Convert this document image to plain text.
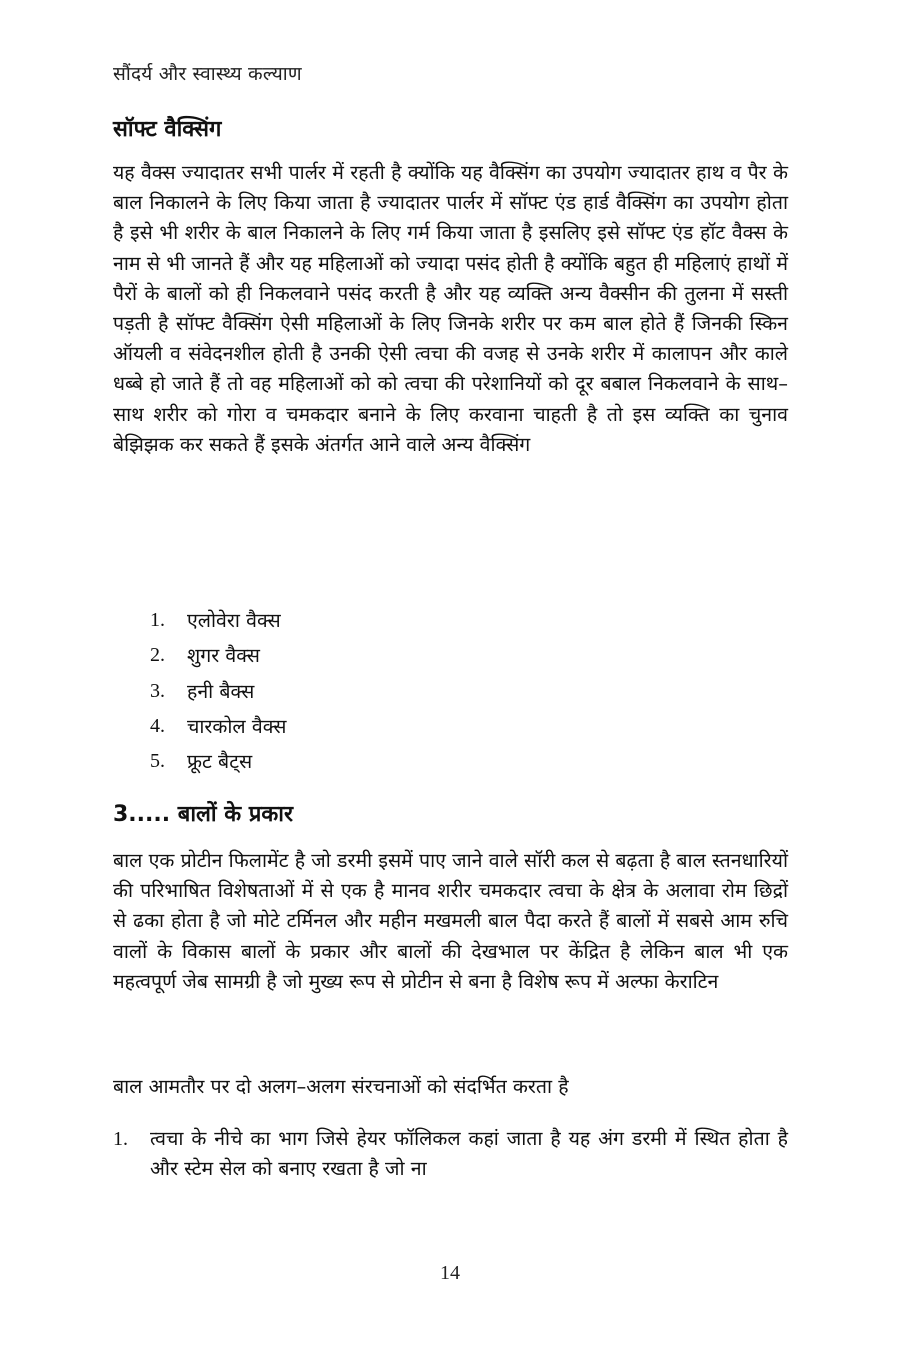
सौंदर्य और स्वास्थ्य कल्याण
सॉफ्ट वैक्सिंग

यह वैक्स ज्यादातर सभी पार्लर में रहती है क्योंकि यह वैक्सिंग का उपयोग ज्यादातर हाथ व पैर के बाल निकालने के लिए किया जाता है ज्यादातर पार्लर में सॉफ्ट एंड हार्ड वैक्सिंग का उपयोग होता है इसे भी शरीर के बाल निकालने के लिए गर्म किया जाता है इसलिए इसे सॉफ्ट एंड हॉट वैक्स के नाम से भी जानते हैं और यह महिलाओं को ज्यादा पसंद होती है क्योंकि बहुत ही महिलाएं हाथों में पैरों के बालों को ही निकलवाने पसंद करती है और यह व्यक्ति अन्य वैक्सीन की तुलना में सस्ती पड़ती है सॉफ्ट वैक्सिंग ऐसी महिलाओं के लिए जिनके शरीर पर कम बाल होते हैं जिनकी स्किन ऑयली व संवेदनशील होती है उनकी ऐसी त्वचा की वजह से उनके शरीर में कालापन और काले धब्बे हो जाते हैं तो वह महिलाओं को को त्वचा की परेशानियों को दूर बबाल निकलवाने के साथ–साथ शरीर को गोरा व चमकदार बनाने के लिए करवाना चाहती है तो इस व्यक्ति का चुनाव बेझिझक कर सकते हैं इसके अंतर्गत आने वाले अन्य वैक्सिंग

1.	एलोवेरा वैक्स
2.	शुगर वैक्स
3.	हनी बैक्स
4.	चारकोल वैक्स
5.	फ्रूट बैट्स
3..... बालों के प्रकार

बाल एक प्रोटीन फिलामेंट है जो डरमी इसमें पाए जाने वाले सॉरी कल से बढ़ता है बाल स्तनधारियों की परिभाषित विशेषताओं में से एक है मानव शरीर चमकदार त्वचा के क्षेत्र के अलावा रोम छिद्रों से ढका होता है जो मोटे टर्मिनल और महीन मखमली बाल पैदा करते हैं बालों में सबसे आम रुचि वालों के विकास बालों के प्रकार और बालों की देखभाल पर केंद्रित है लेकिन बाल भी एक महत्वपूर्ण जेब सामग्री है जो मुख्य रूप से प्रोटीन से बना है विशेष रूप में अल्फा केराटिन

बाल आमतौर पर दो अलग–अलग संरचनाओं को संदर्भित करता है

1.	त्वचा के नीचे का भाग जिसे हेयर फॉलिकल कहां जाता है यह अंग डरमी में स्थित होता है और स्टेम सेल को बनाए रखता है जो ना
14
